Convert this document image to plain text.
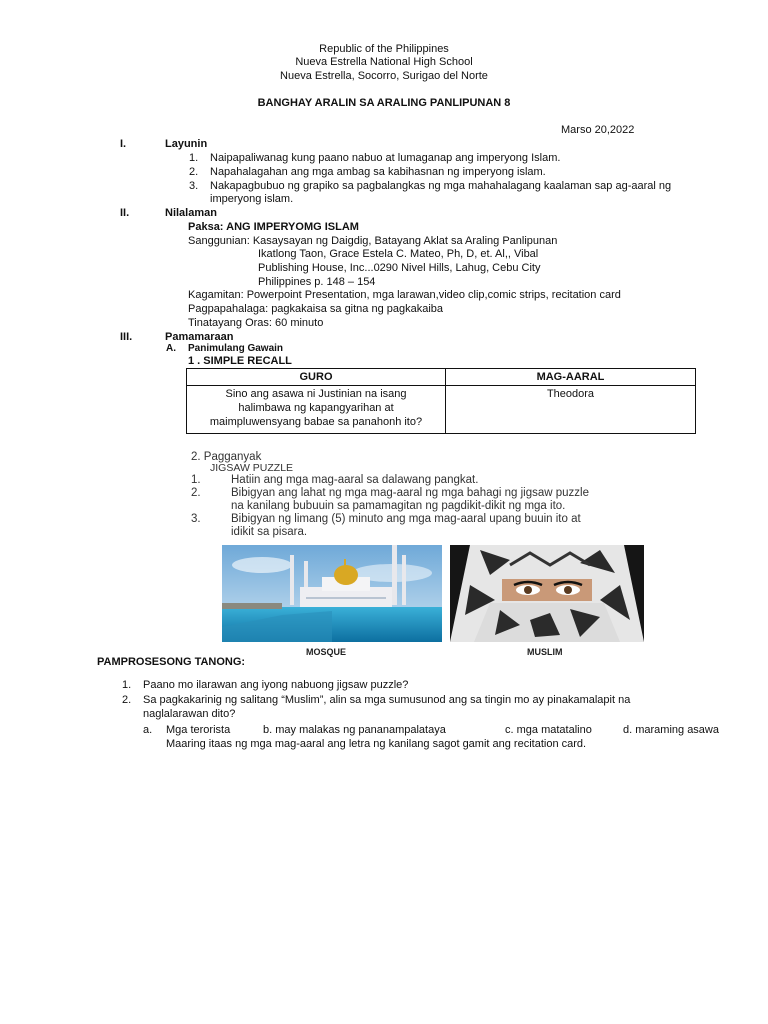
Republic of the Philippines
Nueva Estrella National High School
Nueva Estrella, Socorro, Surigao del Norte
BANGHAY ARALIN SA ARALING PANLIPUNAN 8
Marso 20,2022
I.	Layunin
1. Naipapaliwanag kung paano nabuo at lumaganap ang imperyong Islam.
2. Napahalagahan ang mga ambag sa kabihasnan ng imperyong islam.
3. Nakapagbubuo ng grapiko sa pagbalangkas ng mga mahahalagang kaalaman sap ag-aaral ng
imperyong islam.
II.	Nilalaman
Paksa: ANG IMPERYOMG ISLAM
Sanggunian: Kasaysayan ng Daigdig, Batayang Aklat sa Araling Panlipunan
Ikatlong Taon, Grace Estela C. Mateo, Ph, D, et. Al,, Vibal
Publishing House, Inc...0290 Nivel Hills, Lahug, Cebu City
Philippines p. 148 – 154
Kagamitan: Powerpoint Presentation, mga larawan,video clip,comic strips, recitation card
Pagpapahalaga: pagkakaisa sa gitna ng pagkakaiba
Tinatayang Oras: 60 minuto
III.	Pamamaraan
A. Panimulang Gawain
1 . SIMPLE RECALL
GURO	MAG-AARAL

Sino ang asawa ni Justinian na isang
halimbawa ng kapangyarihan at
maimpluwensyang babae sa panahonh ito?	Theodora
2. Pagganyak
JIGSAW PUZZLE
1.	Hatiin ang mga mag-aaral sa dalawang pangkat.
2.	Bibigyan ang lahat ng mga mag-aaral ng mga bahagi ng jigsaw puzzle
na kanilang bubuuin sa pamamagitan ng pagdikit-dikit ng mga ito.
3.	Bibigyan ng limang (5) minuto ang mga mag-aaral upang buuin ito at
idikit sa pisara.
MOSQUE	MUSLIM
PAMPROSESONG TANONG:
1. Paano mo ilarawan ang iyong nabuong jigsaw puzzle?
2. Sa pagkakarinig ng salitang “Muslim”, alin sa mga sumusunod ang sa tingin mo ay pinakamalapit na
naglalarawan dito?
a. Mga terorista	b. may malakas ng pananampalataya	c. mga matatalino	d. maraming asawa
Maaring itaas ng mga mag-aaral ang letra ng kanilang sagot gamit ang recitation card.
